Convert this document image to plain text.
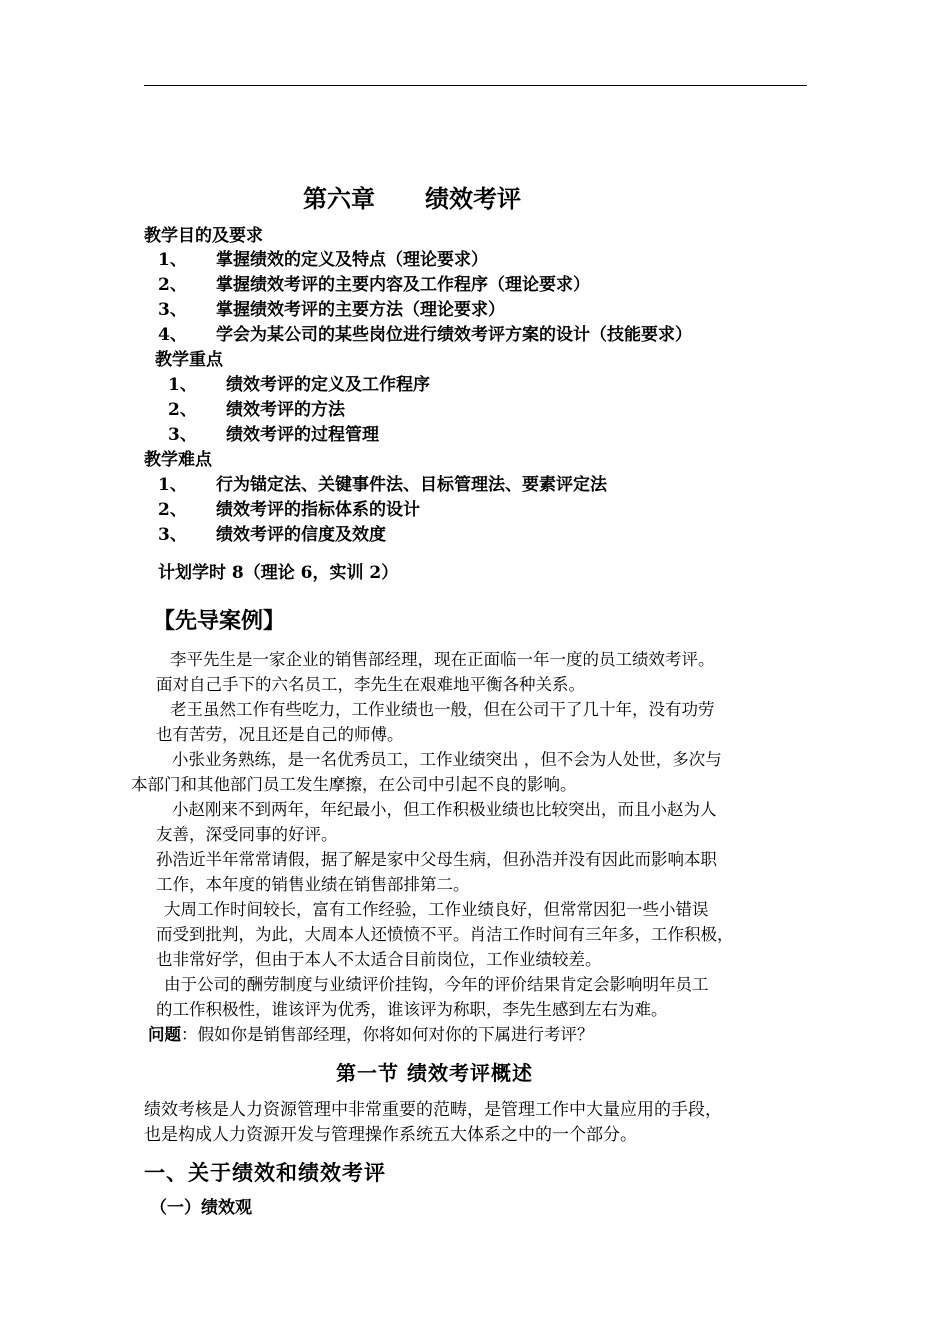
第六章 绩效考评
教学目的及要求
1、 掌握绩效的定义及特点（理论要求）
2、 掌握绩效考评的主要内容及工作程序（理论要求）
3、 掌握绩效考评的主要方法（理论要求）
4、 学会为某公司的某些岗位进行绩效考评方案的设计（技能要求）
教学重点
1、 绩效考评的定义及工作程序
2、 绩效考评的方法
3、 绩效考评的过程管理
教学难点
1、 行为锚定法、关键事件法、目标管理法、要素评定法
2、 绩效考评的指标体系的设计
3、 绩效考评的信度及效度
计划学时 8（理论 6，实训 2）
【先导案例】
李平先生是一家企业的销售部经理，现在正面临一年一度的员工绩效考评。
面对自己手下的六名员工，李先生在艰难地平衡各种关系。
老王虽然工作有些吃力，工作业绩也一般，但在公司干了几十年，没有功劳
也有苦劳，况且还是自己的师傅。
小张业务熟练，是一名优秀员工，工作业绩突出 ，但不会为人处世，多次与
本部门和其他部门员工发生摩擦，在公司中引起不良的影响。
小赵刚来不到两年，年纪最小，但工作积极业绩也比较突出，而且小赵为人
友善，深受同事的好评。
孙浩近半年常常请假，据了解是家中父母生病，但孙浩并没有因此而影响本职
工作，本年度的销售业绩在销售部排第二。
大周工作时间较长，富有工作经验，工作业绩良好，但常常因犯一些小错误
而受到批判，为此，大周本人还愤愤不平。肖洁工作时间有三年多，工作积极，
也非常好学，但由于本人不太适合目前岗位，工作业绩较差。
由于公司的酬劳制度与业绩评价挂钩，今年的评价结果肯定会影响明年员工
的工作积极性，谁该评为优秀，谁该评为称职，李先生感到左右为难。
问题：假如你是销售部经理，你将如何对你的下属进行考评？
第一节 绩效考评概述
绩效考核是人力资源管理中非常重要的范畴，是管理工作中大量应用的手段，
也是构成人力资源开发与管理操作系统五大体系之中的一个部分。
一、关于绩效和绩效考评
（一）绩效观
